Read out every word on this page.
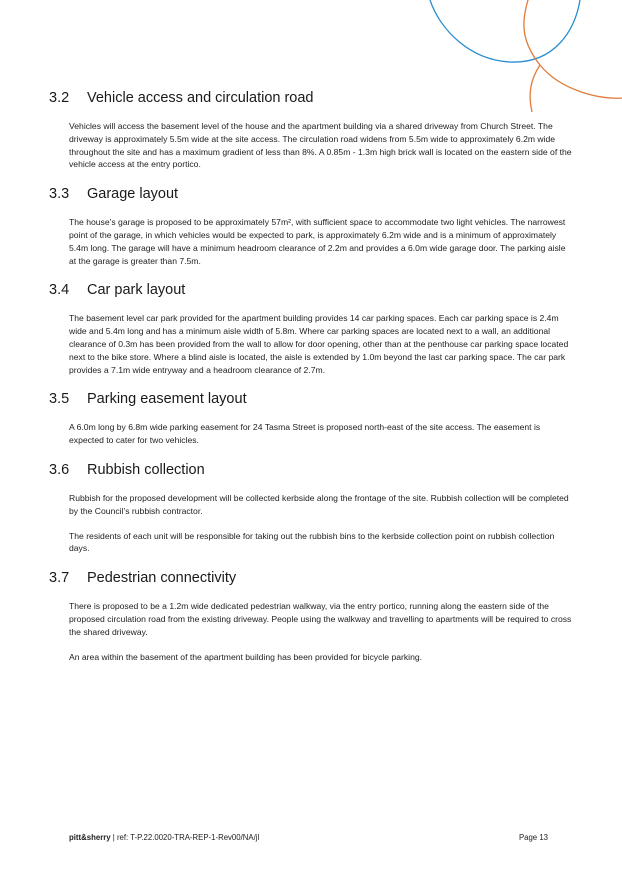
3.2	Vehicle access and circulation road

Vehicles will access the basement level of the house and the apartment building via a shared driveway from Church Street. The driveway is approximately 5.5m wide at the site access. The circulation road widens from 5.5m wide to approximately 6.2m wide throughout the site and has a maximum gradient of less than 8%. A 0.85m - 1.3m high brick wall is located on the eastern side of the vehicle access at the entry portico.

3.3	Garage layout

The house’s garage is proposed to be approximately 57m², with sufficient space to accommodate two light vehicles. The narrowest point of the garage, in which vehicles would be expected to park, is approximately 6.2m wide and is a minimum of approximately 5.4m long. The garage will have a minimum headroom clearance of 2.2m and provides a 6.0m wide garage door. The parking aisle at the garage is greater than 7.5m.

3.4	Car park layout

The basement level car park provided for the apartment building provides 14 car parking spaces. Each car parking space is 2.4m wide and 5.4m long and has a minimum aisle width of 5.8m. Where car parking spaces are located next to a wall, an additional clearance of 0.3m has been provided from the wall to allow for door opening, other than at the penthouse car parking space located next to the bike store. Where a blind aisle is located, the aisle is extended by 1.0m beyond the last car parking space. The car park provides a 7.1m wide entryway and a headroom clearance of 2.7m.

3.5	Parking easement layout

A 6.0m long by 6.8m wide parking easement for 24 Tasma Street is proposed north-east of the site access. The easement is expected to cater for two vehicles.

3.6	Rubbish collection

Rubbish for the proposed development will be collected kerbside along the frontage of the site. Rubbish collection will be completed by the Council’s rubbish contractor.

The residents of each unit will be responsible for taking out the rubbish bins to the kerbside collection point on rubbish collection days.

3.7	Pedestrian connectivity

There is proposed to be a 1.2m wide dedicated pedestrian walkway, via the entry portico, running along the eastern side of the proposed circulation road from the existing driveway. People using the walkway and travelling to apartments will be required to cross the shared driveway.

An area within the basement of the apartment building has been provided for bicycle parking.

pitt&sherry | ref: T-P.22.0020-TRA-REP-1-Rev00/NA/jl	Page 13
